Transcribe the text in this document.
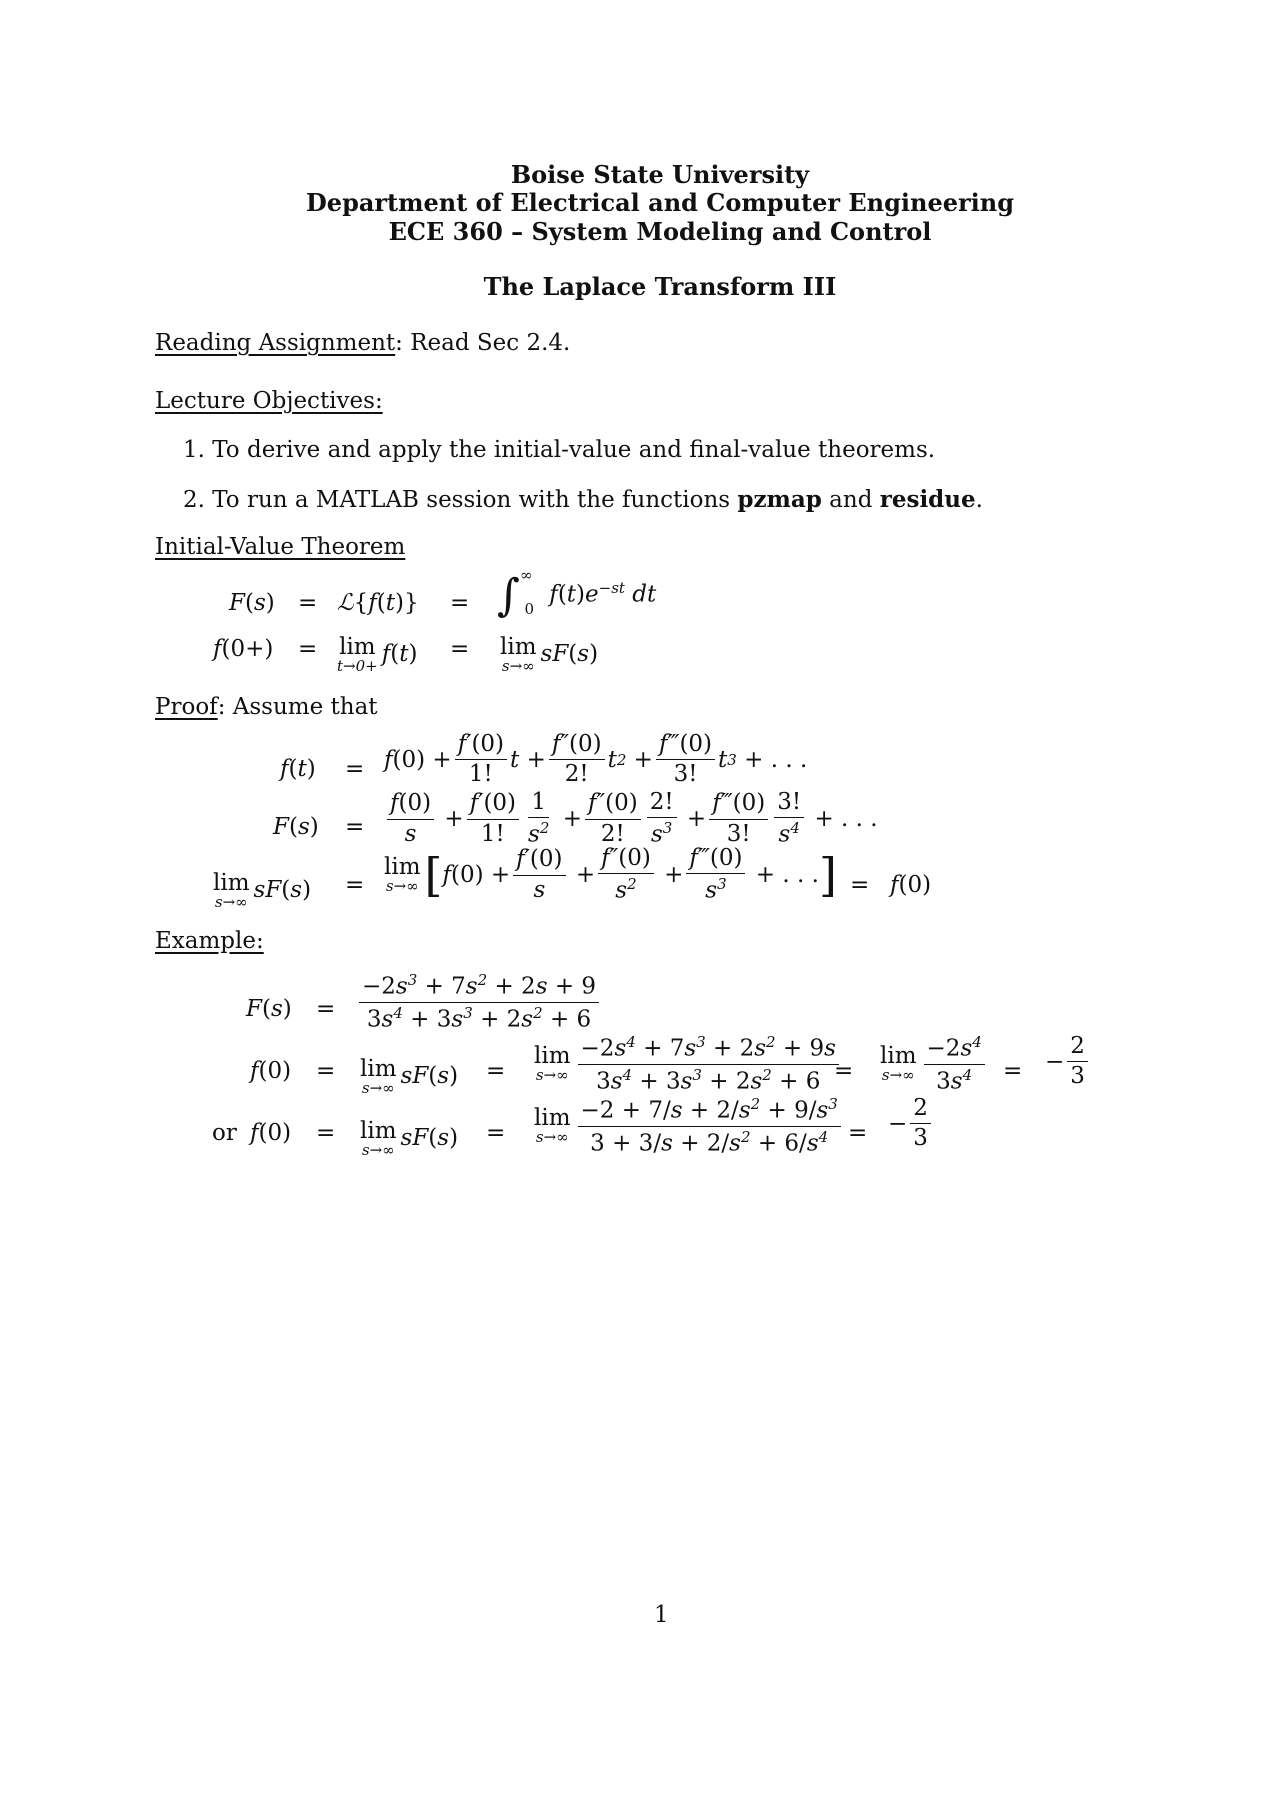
Boise State University
Department of Electrical and Computer Engineering
ECE 360 – System Modeling and Control
The Laplace Transform III
Reading Assignment: Read Sec 2.4.
Lecture Objectives:
1. To derive and apply the initial-value and final-value theorems.
2. To run a MATLAB session with the functions pzmap and residue.
Initial-Value Theorem
F(s) = ℒ{f(t)} = $\int^\infty_0$ $f(t)e^{-st}$ dt
f(0+) = lim
t→0+ f(t) = lim
s→∞ sF(s)
Proof: Assume that
f(t) = f $(0) + \frac{f'(0)}{1!}$ $t + \frac{f''(0)}{2!}$ t $2 + \frac{f‴(0)}{3!}$ t 3 + . . .
$F(s) = \frac{f(0)}{s} + \frac{f'(0)}{1!} \frac{1}{s^2} + \frac{f''(0)}{2!} \frac{2!}{s^3} + \frac{f‴(0)}{3!} \frac{3!}{s^4}$ + . . .
lim
s→∞ sF(s) =
lim
s→∞ [ f $(0) + \frac{f'(0)}{s} + \frac{f''(0)}{s^2} + \frac{f‴(0)}{s^3}$ + . . . ] = f(0)
Example:
$F(s) = \frac{-2s^3 + 7s^2 + 2s + 9}{3s^4 + 3s^3 + 2s^2 + 6}$
f(0) = lim
s→∞ sF(s) =
lim
$s\to\infty \frac{-2s^4 + 7s^3 + 2s^2 + 9s}{3s^4 + 3s^3 + 2s^2 + 6}$
=
lim
$s\to\infty \frac{-2s^4}{3s^4}$ = − $\frac{2}{3}$
or f(0) = lim
s→∞ sF(s) =
lim
$s\to\infty \frac{-2 + 7/s + 2/s^2 + 9/s^3}{3 + 3/s + 2/s^2 + 6/s^4}$ = − $\frac{2}{3}$
1
